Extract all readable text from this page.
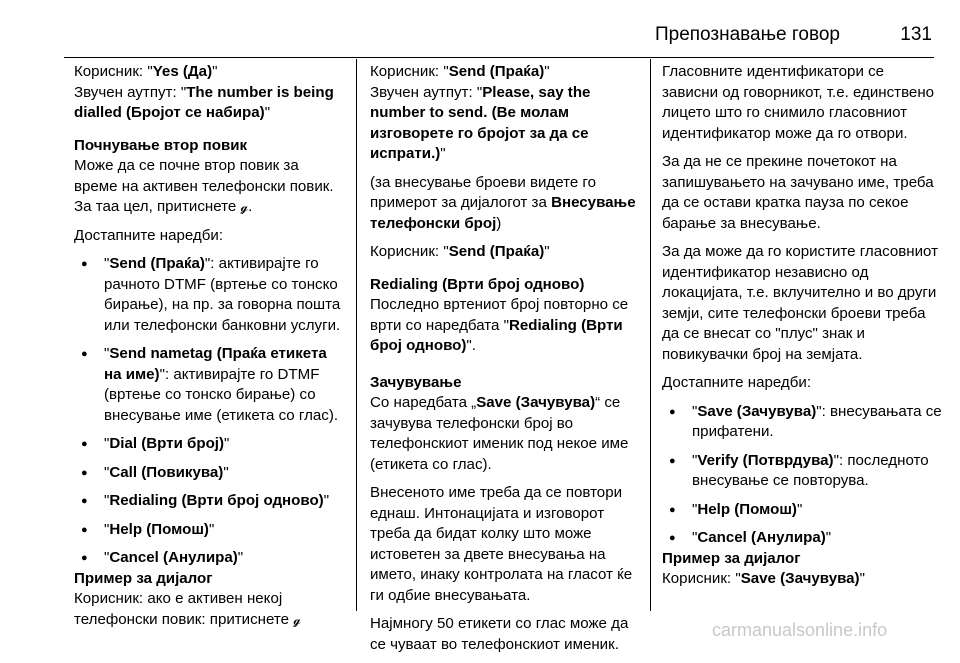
Препознавање говор	131

Корисник: "Yes (Да)"

Звучен аутпут: "The number is being dialled (Бројот се набира)"

Почнување втор повик

Може да се почне втор повик за време на активен телефонски повик. За таа цел, притиснете 𝓰.

Достапните наредби:

● "Send (Праќа)": активирајте го рачното DTMF (вртење со тонско бирање), на пр. за говорна пошта или телефонски банковни услуги.
● "Send nametag (Праќа етикета на име)": активирајте го DTMF (вртење со тонско бирање) со внесување име (етикета со глас).
● "Dial (Врти број)"
● "Call (Повикува)"
● "Redialing (Врти број одново)"
● "Help (Помош)"
● "Cancel (Анулира)"
Пример за дијалог

Корисник: ако е активен некој телефонски повик: притиснете 𝓰

Корисник: "Send (Праќа)"

Звучен аутпут: "Please, say the number to send. (Ве молам изговорете го бројот за да се испрати.)"

(за внесување броеви видете го примерот за дијалогот за Внесување телефонски број)

Корисник: "Send (Праќа)"

Redialing (Врти број одново)

Последно вртениот број повторно се врти со наредбата "Redialing (Врти број одново)".

Зачувување

Со наредбата „Save (Зачувува)“ се зачувува телефонски број во телефонскиот именик под некое име (етикета со глас).

Внесеното име треба да се повтори еднаш. Интонацијата и изговорот треба да бидат колку што може истоветен за двете внесувања на името, инаку контролата на гласот ќе ги одбие внесувањата.

Најмногу 50 етикети со глас може да се чуваат во телефонскиот именик.

Гласовните идентификатори се зависни од говорникот, т.е. единствено лицето што го снимило гласовниот идентификатор може да го отвори.

За да не се прекине почетокот на запишувањето на зачувано име, треба да се остави кратка пауза по секое барање за внесување.

За да може да го користите гласовниот идентификатор независно од локацијата, т.е. вклучително и во други земји, сите телефонски броеви треба да се внесат со "плус" знак и повикувачки број на земјата.

Достапните наредби:

● "Save (Зачувува)": внесувањата се прифатени.
● "Verify (Потврдува)": последното внесување се повторува.
● "Help (Помош)"
● "Cancel (Анулира)"
Пример за дијалог

Корисник: "Save (Зачувува)"

carmanualsonline.info
